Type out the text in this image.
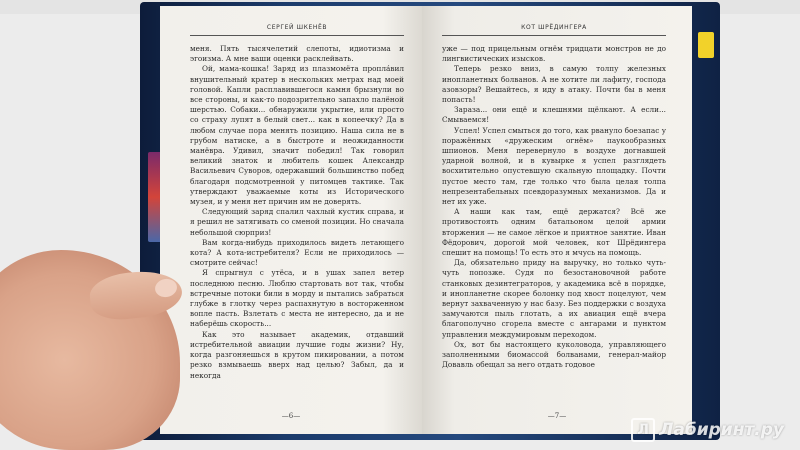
СЕРГЕЙ ШКЕНЁВ

меня. Пять тысячелетий слепоты, идиотизма и эгоизма. А мне ваши оценки расклейвать.

Ой, мама-кошка! Заряд из плазмомёта пропла́вил внушительный кратер в нескольких метрах над моей головой. Капли расплавившегося камня брызнули во все стороны, и как-то подозрительно запахло палёной шерстью. Собаки... обнаружили укрытие, или просто со страху лупят в белый свет... как в копеечку? Да в любом случае пора менять позицию. Наша сила не в грубом натиске, а в быстроте и неожиданности манёвра. Удивил, значит победил! Так говорил великий знаток и любитель кошек Александр Васильевич Суворов, одержавший большинство побед благодаря подсмотренной у питомцев тактике. Так утверждают уважаемые коты из Исторического музея, и у меня нет причин им не доверять.

Следующий заряд спалил чахлый кустик справа, и я решил не затягивать со сменой позиции. Но сначала небольшой сюрприз!

Вам когда-нибудь приходилось видеть летающего кота? А кота-истребителя? Если не приходилось — смотрите сейчас!

Я спрыгнул с утёса, и в ушах запел ветер последнюю песню. Люблю стартовать вот так, чтобы встречные потоки били в морду и пытались забраться глубже в глотку через распахнутую в восторженном вопле пасть. Взлетать с места не интересно, да и не наберёшь скорость...

Как это называет академик, отдавший истребительной авиации лучшие годы жизни? Ну, когда разгоняешься в крутом пикировании, а потом резко взмываешь вверх над целью? Забыл, да и некогда

—6—
КОТ ШРЁДИНГЕРА

уже — под прицельным огнём тридцати монстров не до лингвистических изысков.

Теперь резко вниз, в самую толпу железных инопланетных болванов. А не хотите ли лафиту, господа азовзоры? Вешайтесь, я иду в атаку. Почти бы в меня попасть!

Зараза... они ещё и клешнями щёлкают. А если... Смываемся!

Успел! Успел смыться до того, как рвануло боезапас у поражённых «дружеским огнём» паукообразных шпионов. Меня перевернуло в воздухе догнавшей ударной волной, и в кувырке я успел разглядеть восхитительно опустевшую скальную площадку. Почти пустое место там, где только что была целая толпа непрезентабельных псевдоразумных механизмов. Да и нет их уже.

А наши как там, ещё держатся? Всё же противостоять одним батальоном целой армии вторжения — не самое лёгкое и приятное занятие. Иван Фёдорович, дорогой мой человек, кот Шрёдингера спешит на помощь! То есть это я мчусь на помощь.

Да, обязательно приду на выручку, но только чуть-чуть попозже. Судя по безостановочной работе станковых дезинтеграторов, у академика всё в порядке, и инопланетне скорее болонку под хвост поцелуют, чем вернут захваченную у нас базу. Без поддержки с воздуха замучаются пыль глотать, а их авиация ещё вчера благополучно сгорела вместе с ангарами и пунктом управления междумировым переходом.

Ох, вот бы настоящего куколовода, управляющего заполненными биомассой болванами, генерал-майор Довавль обещал за него отдать годовое

—7—
Л Лабиринт.ру
